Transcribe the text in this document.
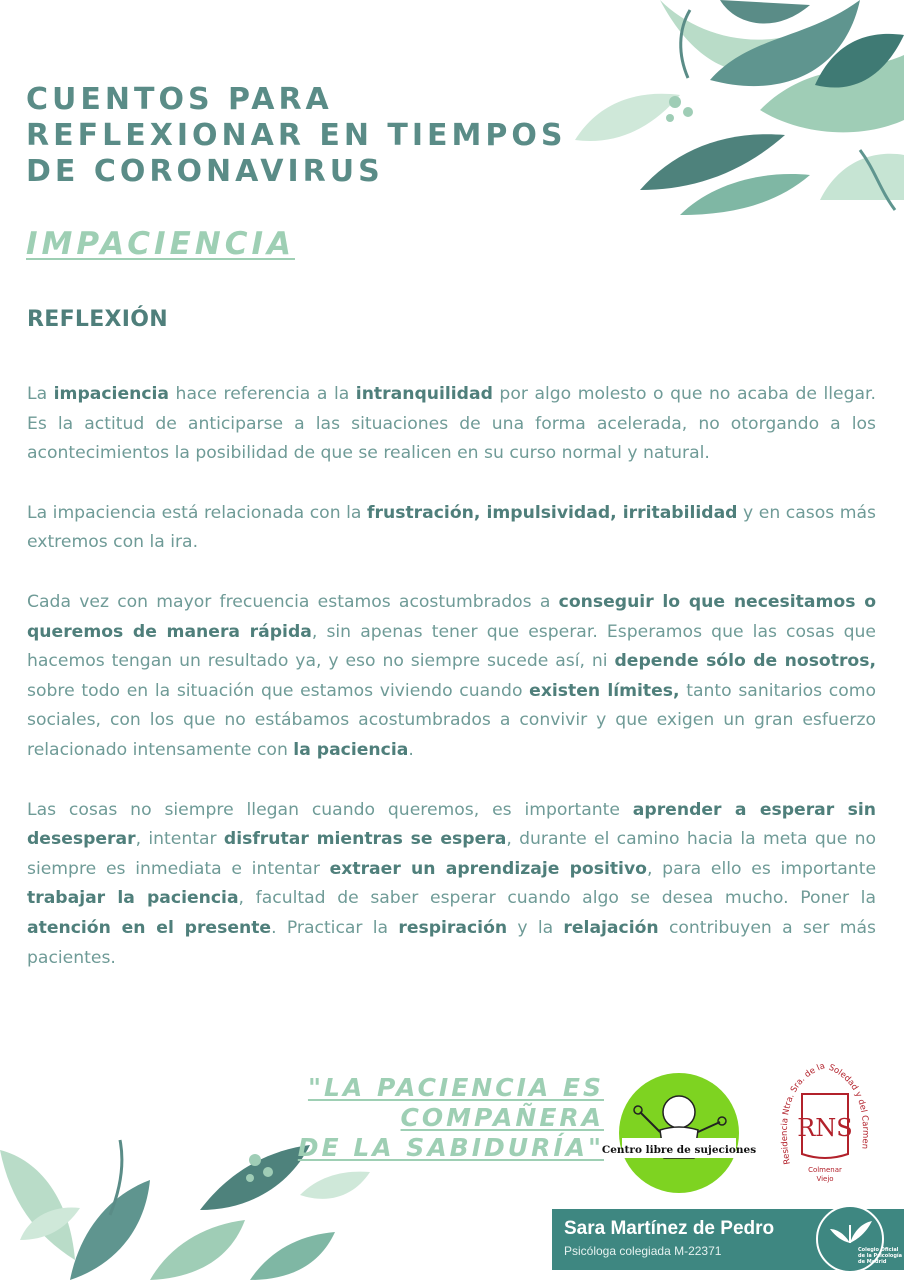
CUENTOS PARA
REFLEXIONAR EN TIEMPOS
DE CORONAVIRUS
IMPACIENCIA
REFLEXIÓN

La impaciencia hace referencia a la intranquilidad por algo molesto o que no acaba de llegar. Es la actitud de anticiparse a las situaciones de una forma acelerada, no otorgando a los acontecimientos la posibilidad de que se realicen en su curso normal y natural.

La impaciencia está relacionada con la frustración, impulsividad, irritabilidad y en casos más extremos con la ira.

Cada vez con mayor frecuencia estamos acostumbrados a conseguir lo que necesitamos o queremos de manera rápida, sin apenas tener que esperar. Esperamos que las cosas que hacemos tengan un resultado ya, y eso no siempre sucede así, ni depende sólo de nosotros, sobre todo en la situación que estamos viviendo cuando existen límites, tanto sanitarios como sociales, con los que no estábamos acostumbrados a convivir y que exigen un gran esfuerzo relacionado intensamente con la paciencia.

Las cosas no siempre llegan cuando queremos, es importante aprender a esperar sin desesperar, intentar disfrutar mientras se espera, durante el camino hacia la meta que no siempre es inmediata e intentar extraer un aprendizaje positivo, para ello es importante trabajar la paciencia, facultad de saber esperar cuando algo se desea mucho. Poner la atención en el presente. Practicar la respiración y la relajación contribuyen a ser más pacientes.

"LA PACIENCIA ES COMPAÑERA
DE LA SABIDURÍA"
Centro libre de sujeciones
Residencia Ntra. Sra. de la Soledad y del Carmen
RNS
Colmenar
Viejo
Sara Martínez de Pedro
Psicóloga colegiada M-22371	Colegio Oficial
de la Psicología
de Madrid
